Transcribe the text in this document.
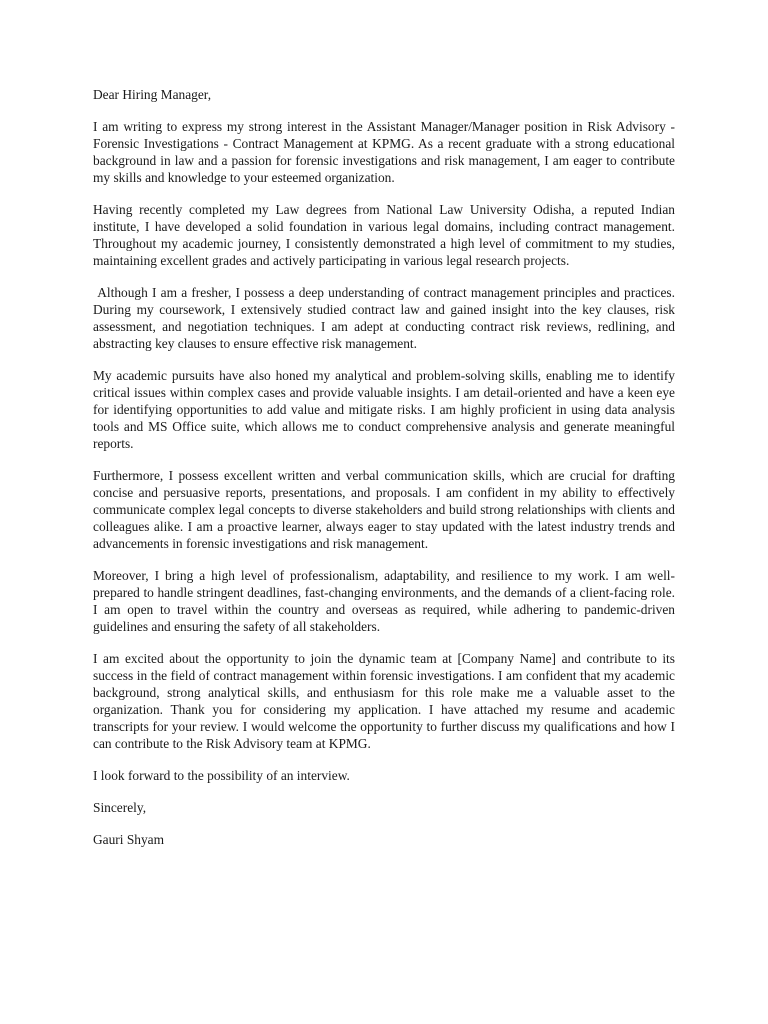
Dear Hiring Manager,

I am writing to express my strong interest in the Assistant Manager/Manager position in Risk Advisory - Forensic Investigations - Contract Management at KPMG. As a recent graduate with a strong educational background in law and a passion for forensic investigations and risk management, I am eager to contribute my skills and knowledge to your esteemed organization.

Having recently completed my Law degrees from National Law University Odisha, a reputed Indian institute, I have developed a solid foundation in various legal domains, including contract management. Throughout my academic journey, I consistently demonstrated a high level of commitment to my studies, maintaining excellent grades and actively participating in various legal research projects.

Although I am a fresher, I possess a deep understanding of contract management principles and practices. During my coursework, I extensively studied contract law and gained insight into the key clauses, risk assessment, and negotiation techniques. I am adept at conducting contract risk reviews, redlining, and abstracting key clauses to ensure effective risk management.

My academic pursuits have also honed my analytical and problem-solving skills, enabling me to identify critical issues within complex cases and provide valuable insights. I am detail-oriented and have a keen eye for identifying opportunities to add value and mitigate risks. I am highly proficient in using data analysis tools and MS Office suite, which allows me to conduct comprehensive analysis and generate meaningful reports.

Furthermore, I possess excellent written and verbal communication skills, which are crucial for drafting concise and persuasive reports, presentations, and proposals. I am confident in my ability to effectively communicate complex legal concepts to diverse stakeholders and build strong relationships with clients and colleagues alike. I am a proactive learner, always eager to stay updated with the latest industry trends and advancements in forensic investigations and risk management.

Moreover, I bring a high level of professionalism, adaptability, and resilience to my work. I am well-prepared to handle stringent deadlines, fast-changing environments, and the demands of a client-facing role. I am open to travel within the country and overseas as required, while adhering to pandemic-driven guidelines and ensuring the safety of all stakeholders.

I am excited about the opportunity to join the dynamic team at [Company Name] and contribute to its success in the field of contract management within forensic investigations. I am confident that my academic background, strong analytical skills, and enthusiasm for this role make me a valuable asset to the organization. Thank you for considering my application. I have attached my resume and academic transcripts for your review. I would welcome the opportunity to further discuss my qualifications and how I can contribute to the Risk Advisory team at KPMG.

I look forward to the possibility of an interview.

Sincerely,

Gauri Shyam
